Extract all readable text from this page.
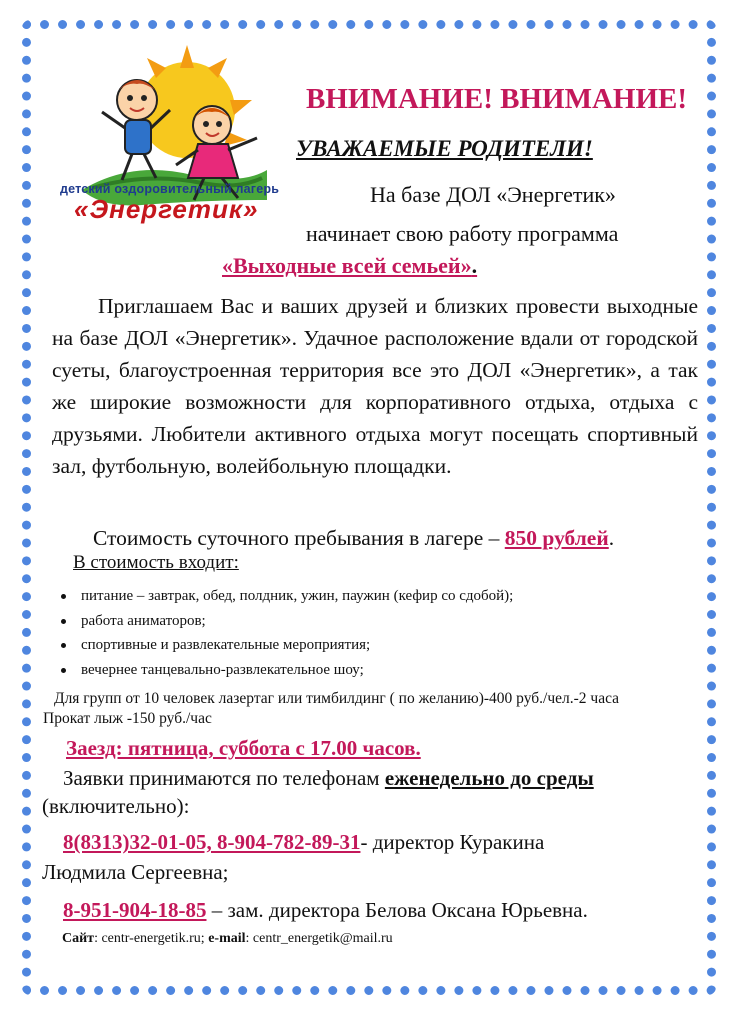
детский оздоровительный лагерь
«Энергетик»
ВНИМАНИЕ! ВНИМАНИЕ!
УВАЖАЕМЫЕ РОДИТЕЛИ!
На базе ДОЛ «Энергетик»
начинает свою работу программа
«Выходные всей семьей».
Приглашаем Вас и ваших друзей и близких провести выходные на базе ДОЛ «Энергетик». Удачное расположение вдали от городской суеты, благоустроенная территория все это ДОЛ «Энергетик», а так же широкие возможности для корпоративного отдыха, отдыха с друзьями. Любители активного отдыха могут посещать спортивный зал, футбольную, волейбольную площадки.
Стоимость суточного пребывания в лагере – 850 рублей.
В стоимость входит:
питание – завтрак, обед, полдник, ужин, паужин (кефир со сдобой);
работа аниматоров;
спортивные и развлекательные мероприятия;
вечернее танцевально-развлекательное шоу;
Для групп от 10 человек лазертаг или тимбилдинг ( по желанию)-400 руб./чел.-2 часа
Прокат лыж -150 руб./час
Заезд: пятница, суббота с 17.00 часов.
Заявки принимаются по телефонам еженедельно до среды
(включительно):
8(8313)32-01-05, 8-904-782-89-31- директор Куракина
Людмила Сергеевна;
8-951-904-18-85 – зам. директора Белова Оксана Юрьевна.
Сайт: centr-energetik.ru; e-mail: centr_energetik@mail.ru
